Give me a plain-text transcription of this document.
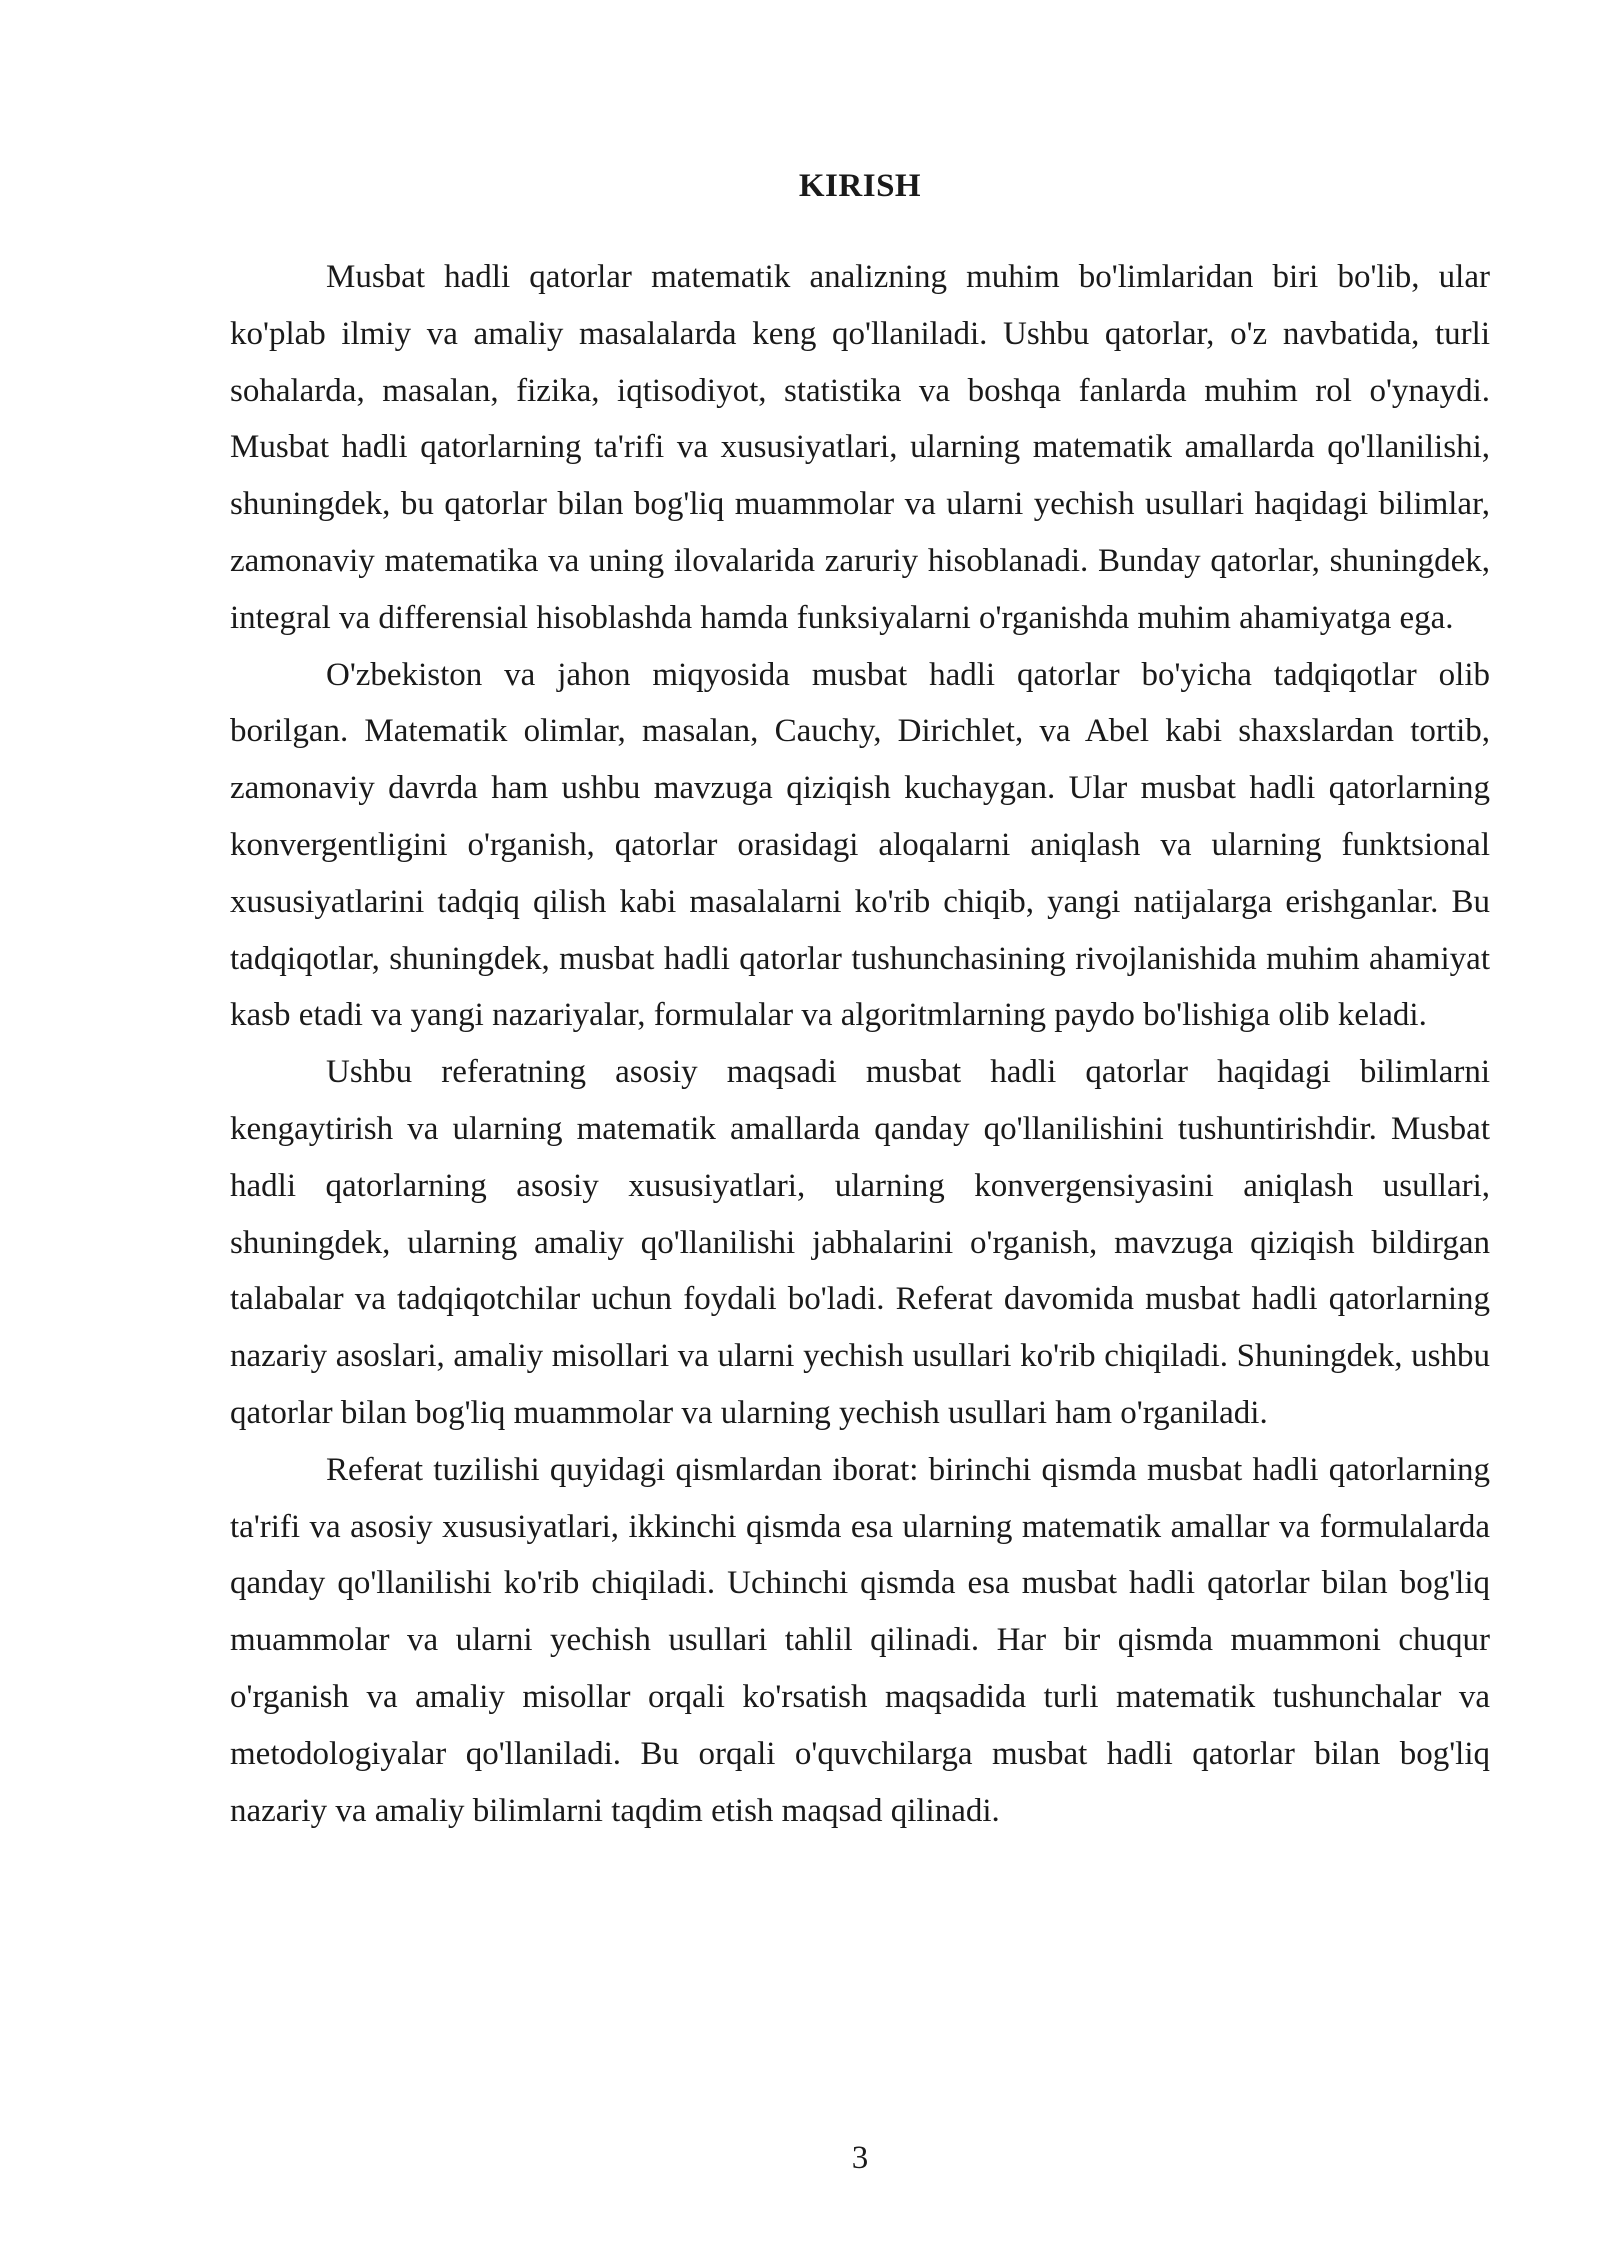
KIRISH

Musbat hadli qatorlar matematik analizning muhim bo'limlaridan biri bo'lib, ular ko'plab ilmiy va amaliy masalalarda keng qo'llaniladi. Ushbu qatorlar, o'z navbatida, turli sohalarda, masalan, fizika, iqtisodiyot, statistika va boshqa fanlarda muhim rol o'ynaydi. Musbat hadli qatorlarning ta'rifi va xususiyatlari, ularning matematik amallarda qo'llanilishi, shuningdek, bu qatorlar bilan bog'liq muammolar va ularni yechish usullari haqidagi bilimlar, zamonaviy matematika va uning ilovalarida zaruriy hisoblanadi. Bunday qatorlar, shuningdek, integral va differensial hisoblashda hamda funksiyalarni o'rganishda muhim ahamiyatga ega.

O'zbekiston va jahon miqyosida musbat hadli qatorlar bo'yicha tadqiqotlar olib borilgan. Matematik olimlar, masalan, Cauchy, Dirichlet, va Abel kabi shaxslardan tortib, zamonaviy davrda ham ushbu mavzuga qiziqish kuchaygan. Ular musbat hadli qatorlarning konvergentligini o'rganish, qatorlar orasidagi aloqalarni aniqlash va ularning funktsional xususiyatlarini tadqiq qilish kabi masalalarni ko'rib chiqib, yangi natijalarga erishganlar. Bu tadqiqotlar, shuningdek, musbat hadli qatorlar tushunchasining rivojlanishida muhim ahamiyat kasb etadi va yangi nazariyalar, formulalar va algoritmlarning paydo bo'lishiga olib keladi.

Ushbu referatning asosiy maqsadi musbat hadli qatorlar haqidagi bilimlarni kengaytirish va ularning matematik amallarda qanday qo'llanilishini tushuntirishdir. Musbat hadli qatorlarning asosiy xususiyatlari, ularning konvergensiyasini aniqlash usullari, shuningdek, ularning amaliy qo'llanilishi jabhalarini o'rganish, mavzuga qiziqish bildirgan talabalar va tadqiqotchilar uchun foydali bo'ladi. Referat davomida musbat hadli qatorlarning nazariy asoslari, amaliy misollari va ularni yechish usullari ko'rib chiqiladi. Shuningdek, ushbu qatorlar bilan bog'liq muammolar va ularning yechish usullari ham o'rganiladi.

Referat tuzilishi quyidagi qismlardan iborat: birinchi qismda musbat hadli qatorlarning ta'rifi va asosiy xususiyatlari, ikkinchi qismda esa ularning matematik amallar va formulalarda qanday qo'llanilishi ko'rib chiqiladi. Uchinchi qismda esa musbat hadli qatorlar bilan bog'liq muammolar va ularni yechish usullari tahlil qilinadi. Har bir qismda muammoni chuqur o'rganish va amaliy misollar orqali ko'rsatish maqsadida turli matematik tushunchalar va metodologiyalar qo'llaniladi. Bu orqali o'quvchilarga musbat hadli qatorlar bilan bog'liq nazariy va amaliy bilimlarni taqdim etish maqsad qilinadi.

3
